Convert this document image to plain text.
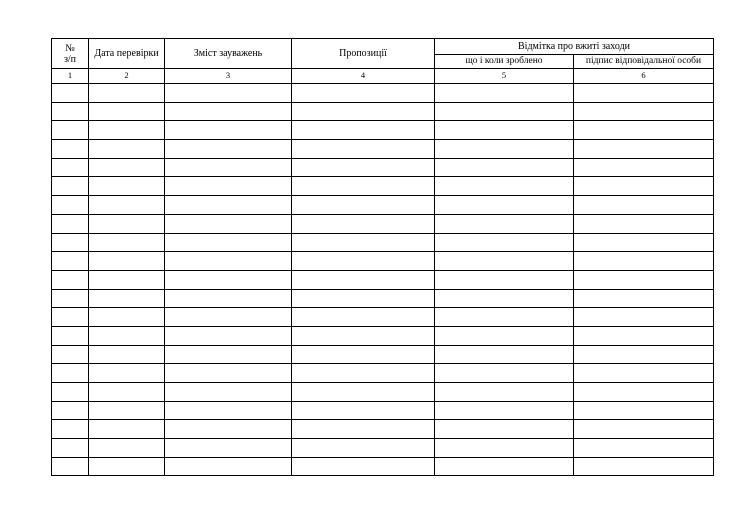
№
з/п	Дата перевірки	Зміст зауважень	Пропозиції	Відмітка про вжиті заходи	
				що і коли зроблено	підпис відповідальної особи
1	2	3	4	5	6
